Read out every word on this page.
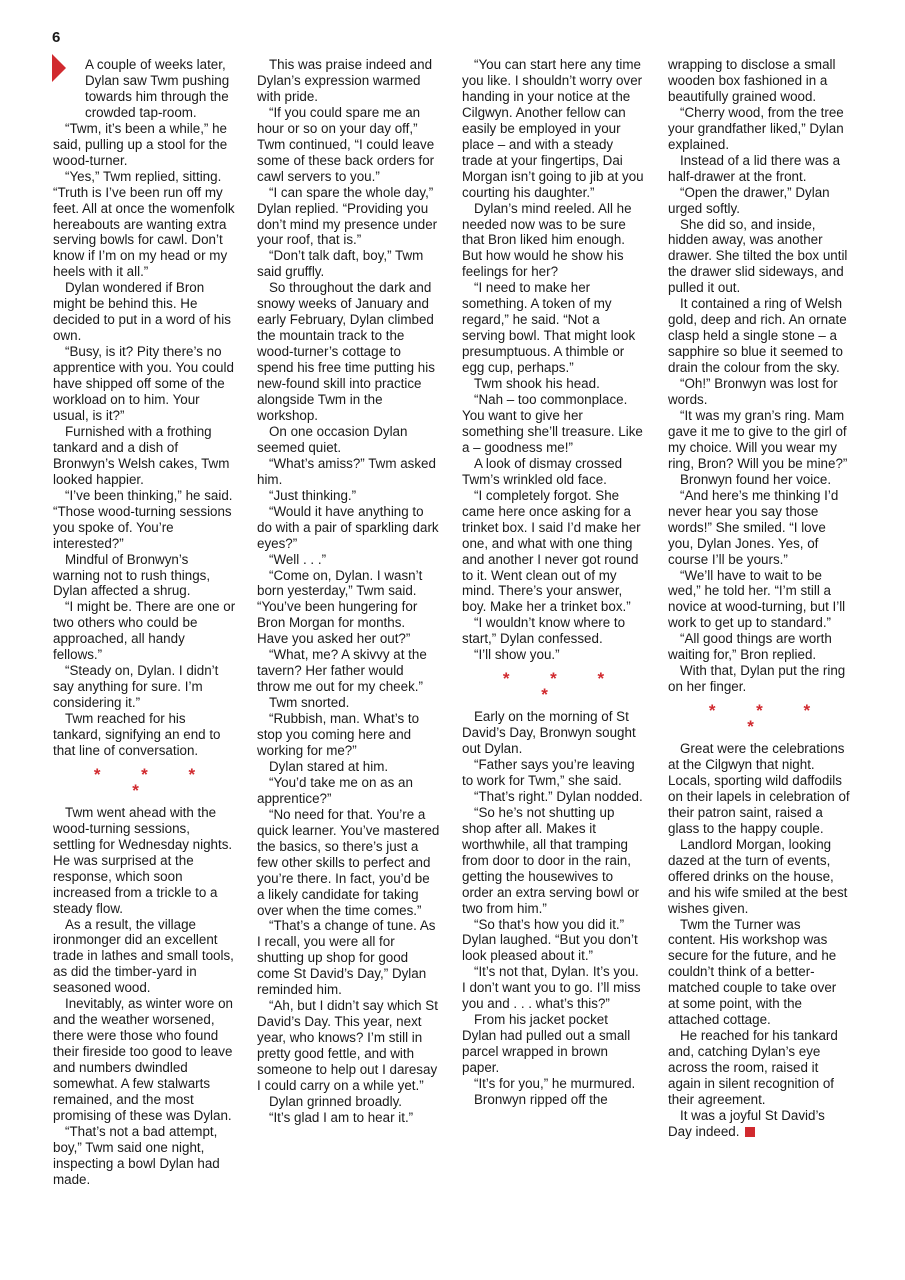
6

A couple of weeks later, Dylan saw Twm pushing towards him through the crowded tap-room.

“Twm, it’s been a while,” he said, pulling up a stool for the wood-turner.

“Yes,” Twm replied, sitting. “Truth is I’ve been run off my feet. All at once the womenfolk hereabouts are wanting extra serving bowls for cawl. Don’t know if I’m on my head or my heels with it all.”

Dylan wondered if Bron might be behind this. He decided to put in a word of his own.

“Busy, is it? Pity there’s no apprentice with you. You could have shipped off some of the workload on to him. Your usual, is it?”

Furnished with a frothing tankard and a dish of Bronwyn’s Welsh cakes, Twm looked happier.

“I’ve been thinking,” he said. “Those wood-turning sessions you spoke of. You’re interested?”

Mindful of Bronwyn’s warning not to rush things, Dylan affected a shrug.

“I might be. There are one or two others who could be approached, all handy fellows.”

“Steady on, Dylan. I didn’t say anything for sure. I’m considering it.”

Twm reached for his tankard, signifying an end to that line of conversation.

* * * *

Twm went ahead with the wood-turning sessions, settling for Wednesday nights. He was surprised at the response, which soon increased from a trickle to a steady flow.

As a result, the village ironmonger did an excellent trade in lathes and small tools, as did the timber-yard in seasoned wood.

Inevitably, as winter wore on and the weather worsened, there were those who found their fireside too good to leave and numbers dwindled somewhat. A few stalwarts remained, and the most promising of these was Dylan.

“That’s not a bad attempt, boy,” Twm said one night, inspecting a bowl Dylan had made.

This was praise indeed and Dylan’s expression warmed with pride.

“If you could spare me an hour or so on your day off,” Twm continued, “I could leave some of these back orders for cawl servers to you.”

“I can spare the whole day,” Dylan replied. “Providing you don’t mind my presence under your roof, that is.”

“Don’t talk daft, boy,” Twm said gruffly.

So throughout the dark and snowy weeks of January and early February, Dylan climbed the mountain track to the wood-turner’s cottage to spend his free time putting his new-found skill into practice alongside Twm in the workshop.

On one occasion Dylan seemed quiet.

“What’s amiss?” Twm asked him.

“Just thinking.”

“Would it have anything to do with a pair of sparkling dark eyes?”

“Well . . .”

“Come on, Dylan. I wasn’t born yesterday,” Twm said. “You’ve been hungering for Bron Morgan for months. Have you asked her out?”

“What, me? A skivvy at the tavern? Her father would throw me out for my cheek.”

Twm snorted.

“Rubbish, man. What’s to stop you coming here and working for me?”

Dylan stared at him.

“You’d take me on as an apprentice?”

“No need for that. You’re a quick learner. You’ve mastered the basics, so there’s just a few other skills to perfect and you’re there. In fact, you’d be a likely candidate for taking over when the time comes.”

“That’s a change of tune. As I recall, you were all for shutting up shop for good come St David’s Day,” Dylan reminded him.

“Ah, but I didn’t say which St David’s Day. This year, next year, who knows? I’m still in pretty good fettle, and with someone to help out I daresay I could carry on a while yet.”

Dylan grinned broadly.

“It’s glad I am to hear it.”

“You can start here any time you like. I shouldn’t worry over handing in your notice at the Cilgwyn. Another fellow can easily be employed in your place – and with a steady trade at your fingertips, Dai Morgan isn’t going to jib at you courting his daughter.”

Dylan’s mind reeled. All he needed now was to be sure that Bron liked him enough. But how would he show his feelings for her?

“I need to make her something. A token of my regard,” he said. “Not a serving bowl. That might look presumptuous. A thimble or egg cup, perhaps.”

Twm shook his head.

“Nah – too commonplace. You want to give her something she’ll treasure. Like a – goodness me!”

A look of dismay crossed Twm’s wrinkled old face.

“I completely forgot. She came here once asking for a trinket box. I said I’d make her one, and what with one thing and another I never got round to it. Went clean out of my mind. There’s your answer, boy. Make her a trinket box.”

“I wouldn’t know where to start,” Dylan confessed.

“I’ll show you.”

* * * *

Early on the morning of St David’s Day, Bronwyn sought out Dylan.

“Father says you’re leaving to work for Twm,” she said.

“That’s right.” Dylan nodded.

“So he’s not shutting up shop after all. Makes it worthwhile, all that tramping from door to door in the rain, getting the housewives to order an extra serving bowl or two from him.”

“So that’s how you did it.” Dylan laughed. “But you don’t look pleased about it.”

“It’s not that, Dylan. It’s you. I don’t want you to go. I’ll miss you and . . . what’s this?”

From his jacket pocket Dylan had pulled out a small parcel wrapped in brown paper.

“It’s for you,” he murmured.

Bronwyn ripped off the

wrapping to disclose a small wooden box fashioned in a beautifully grained wood.

“Cherry wood, from the tree your grandfather liked,” Dylan explained.

Instead of a lid there was a half-drawer at the front.

“Open the drawer,” Dylan urged softly.

She did so, and inside, hidden away, was another drawer. She tilted the box until the drawer slid sideways, and pulled it out.

It contained a ring of Welsh gold, deep and rich. An ornate clasp held a single stone – a sapphire so blue it seemed to drain the colour from the sky.

“Oh!” Bronwyn was lost for words.

“It was my gran’s ring. Mam gave it me to give to the girl of my choice. Will you wear my ring, Bron? Will you be mine?”

Bronwyn found her voice.

“And here’s me thinking I’d never hear you say those words!” She smiled. “I love you, Dylan Jones. Yes, of course I’ll be yours.”

“We’ll have to wait to be wed,” he told her. “I’m still a novice at wood-turning, but I’ll work to get up to standard.”

“All good things are worth waiting for,” Bron replied.

With that, Dylan put the ring on her finger.

* * * *

Great were the celebrations at the Cilgwyn that night. Locals, sporting wild daffodils on their lapels in celebration of their patron saint, raised a glass to the happy couple.

Landlord Morgan, looking dazed at the turn of events, offered drinks on the house, and his wife smiled at the best wishes given.

Twm the Turner was content. His workshop was secure for the future, and he couldn’t think of a better-matched couple to take over at some point, with the attached cottage.

He reached for his tankard and, catching Dylan’s eye across the room, raised it again in silent recognition of their agreement.

It was a joyful St David’s Day indeed.
